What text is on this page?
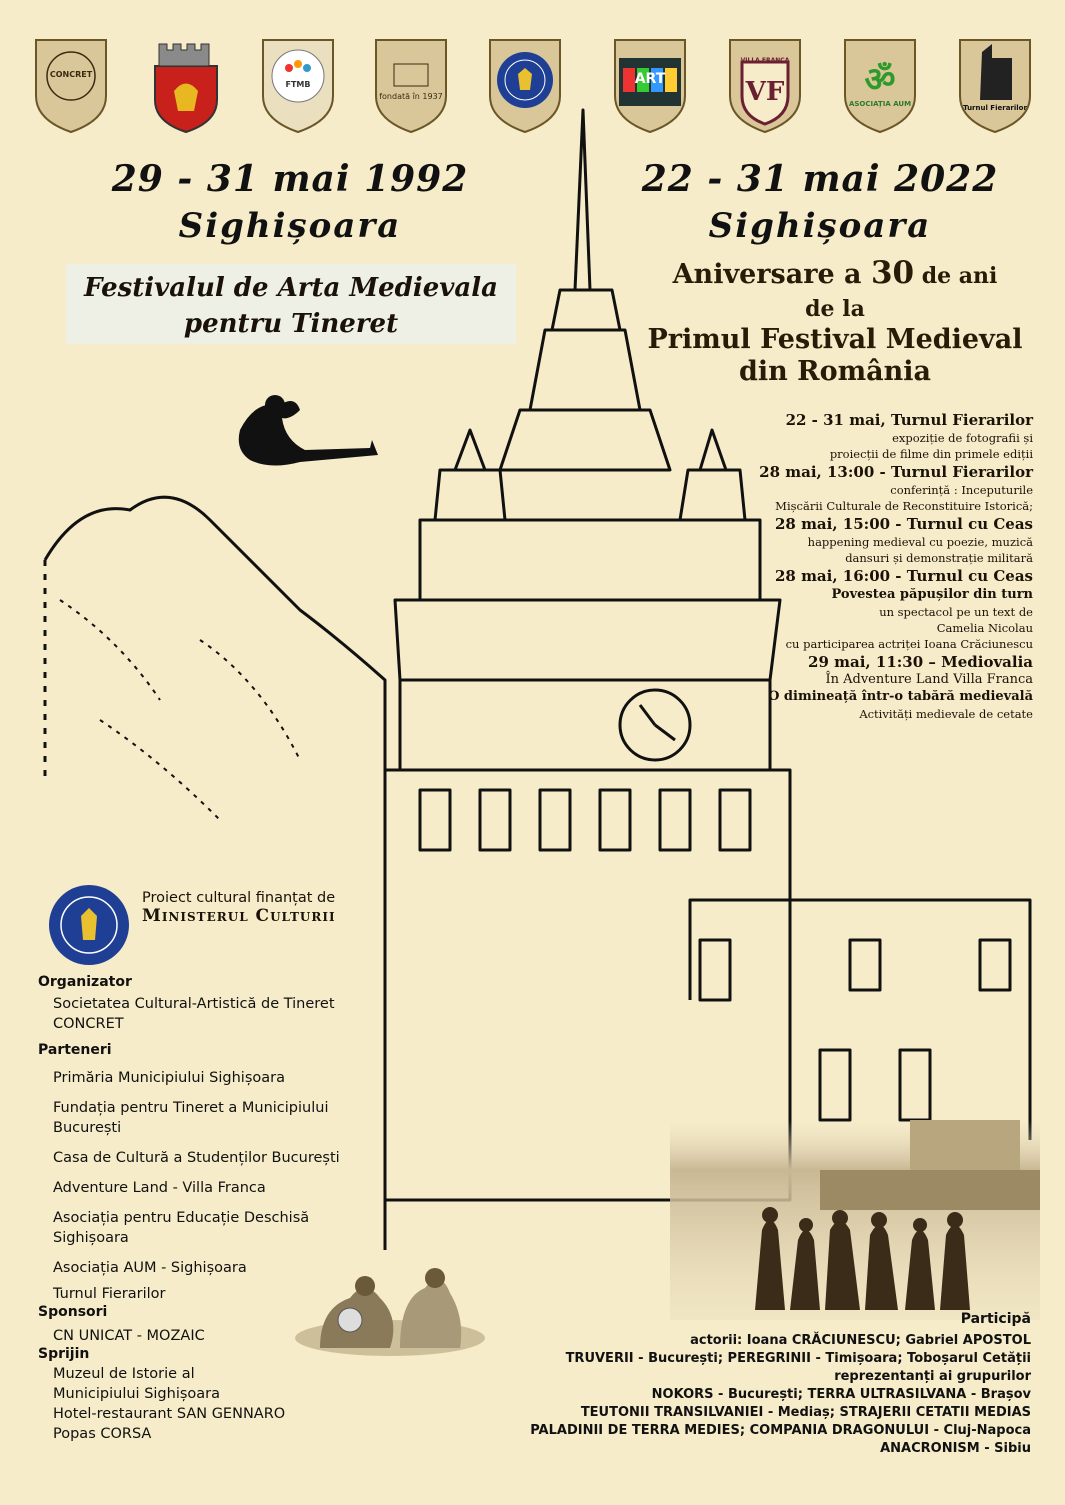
CONCRET
FTMB
fondată în 1937
ART	VF
VILLA FRANCA	ॐ
ASOCIAȚIA AUM	Turnul Fierarilor
29 - 31 mai 1992
Sighișoara
Festivalul de Arta Medievala
pentru Tineret
22 - 31 mai 2022
Sighișoara
Aniversare a 30 de ani
de la
Primul Festival Medieval
din România
22 - 31 mai, Turnul Fierarilor
expoziție de fotografii și
proiecții de filme din primele ediții
28 mai, 13:00 - Turnul Fierarilor
conferință : Inceputurile
Mișcării Culturale de Reconstituire Istorică;
28 mai, 15:00 - Turnul cu Ceas
happening medieval cu poezie, muzică
dansuri și demonstrație militară
28 mai, 16:00 - Turnul cu Ceas
Povestea păpușilor din turn
un spectacol pe un text de
Camelia Nicolau
cu participarea actriței Ioana Crăciunescu
29 mai, 11:30 – Mediovalia
În Adventure Land Villa Franca
O dimineață într-o tabără medievală
Activități medievale de cetate
Proiect cultural finanțat de
Ministerul Culturii
Organizator
Societatea Cultural-Artistică de Tineret
CONCRET
Parteneri
Primăria Municipiului Sighișoara
Fundația pentru Tineret a Municipiului
București
Casa de Cultură a Studenților București
Adventure Land - Villa Franca
Asociația pentru Educație Deschisă
Sighișoara
Asociația AUM - Sighișoara
Turnul Fierarilor
Sponsori
CN UNICAT - MOZAIC
Sprijin
Muzeul de Istorie al
Municipiului Sighișoara
Hotel-restaurant SAN GENNARO
Popas CORSA
Participă
actorii: Ioana CRĂCIUNESCU; Gabriel APOSTOL
TRUVERII - București; PEREGRINII - Timișoara; Toboșarul Cetății
reprezentanți ai grupurilor
NOKORS - București; TERRA ULTRASILVANA - Brașov
TEUTONII TRANSILVANIEI - Mediaș; STRAJERII CETATII MEDIAS
PALADINII DE TERRA MEDIES; COMPANIA DRAGONULUI - Cluj-Napoca
ANACRONISM - Sibiu
